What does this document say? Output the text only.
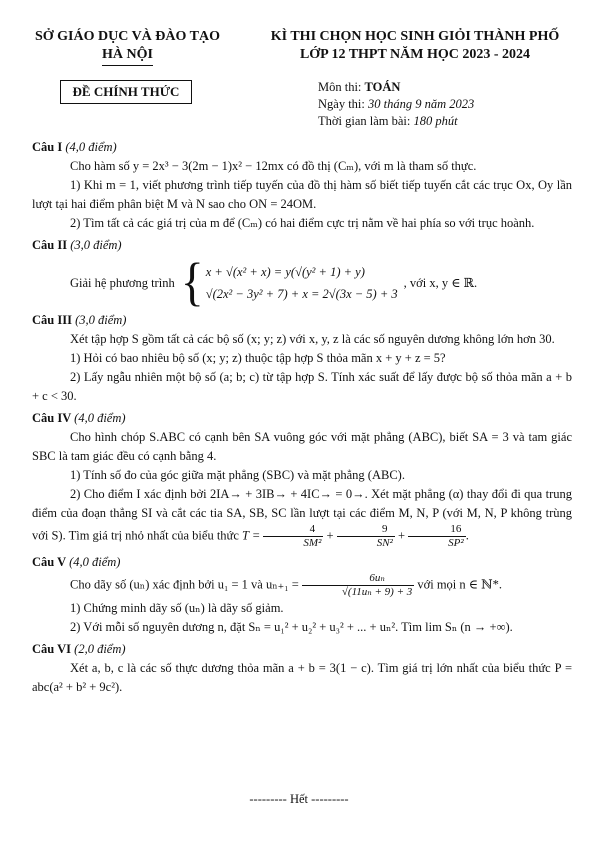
SỞ GIÁO DỤC VÀ ĐÀO TẠO
HÀ NỘI
KÌ THI CHỌN HỌC SINH GIỎI THÀNH PHỐ
LỚP 12 THPT NĂM HỌC 2023 - 2024
ĐỀ CHÍNH THỨC	Môn thi: TOÁN
Ngày thi: 30 tháng 9 năm 2023
Thời gian làm bài: 180 phút
Câu I (4,0 điểm)

Cho hàm số y = 2x³ − 3(2m − 1)x² − 12mx có đồ thị (Cₘ), với m là tham số thực.

1) Khi m = 1, viết phương trình tiếp tuyến của đồ thị hàm số biết tiếp tuyến cắt các trục Ox, Oy lần lượt tại hai điểm phân biệt M và N sao cho ON = 24OM.

2) Tìm tất cả các giá trị của m để (Cₘ) có hai điểm cực trị nằm về hai phía so với trục hoành.

Câu II (3,0 điểm)
Giải hệ phương trình { x + √(x² + x) = y(√(y² + 1) + y)
√(2x² − 3y² + 7) + x = 2√(3x − 5) + 3
, với x, y ∈ ℝ.
Câu III (3,0 điểm)

Xét tập hợp S gồm tất cả các bộ số (x; y; z) với x, y, z là các số nguyên dương không lớn hơn 30.

1) Hỏi có bao nhiêu bộ số (x; y; z) thuộc tập hợp S thỏa mãn x + y + z = 5?

2) Lấy ngẫu nhiên một bộ số (a; b; c) từ tập hợp S. Tính xác suất để lấy được bộ số thỏa mãn a + b + c < 30.

Câu IV (4,0 điểm)

Cho hình chóp S.ABC có cạnh bên SA vuông góc với mặt phẳng (ABC), biết SA = 3 và tam giác SBC là tam giác đều có cạnh bằng 4.

1) Tính số đo của góc giữa mặt phẳng (SBC) và mặt phẳng (ABC).

2) Cho điểm I xác định bởi 2IA→ + 3IB→ + 4IC→ = 0→. Xét mặt phẳng (α) thay đổi đi qua trung điểm của đoạn thẳng SI và cắt các tia SA, SB, SC lần lượt tại các điểm M, N, P (với M, N, P không trùng với S). Tìm giá trị nhỏ nhất của biểu thức $T = \frac{4}{\text{SM²}} + \frac{9}{\text{SN²}} + \frac{16}{\text{SP²}}$ .

Câu V (4,0 điểm)

Cho dãy số (uₙ) xác định bởi u₁ = 1 và $u_{n+1} = \frac{\text{6uₙ}}{\text{√(11uₙ + 9) + 3}}$ với mọi n ∈ ℕ*.

1) Chứng minh dãy số (uₙ) là dãy số giảm.

2) Với mỗi số nguyên dương n, đặt Sₙ = u₁² + u₂² + u₃² + ... + uₙ². Tìm lim Sₙ (n → +∞).

Câu VI (2,0 điểm)

Xét a, b, c là các số thực dương thỏa mãn a + b = 3(1 − c). Tìm giá trị lớn nhất của biểu thức P = abc(a² + b² + 9c²).

--------- Hết ---------
